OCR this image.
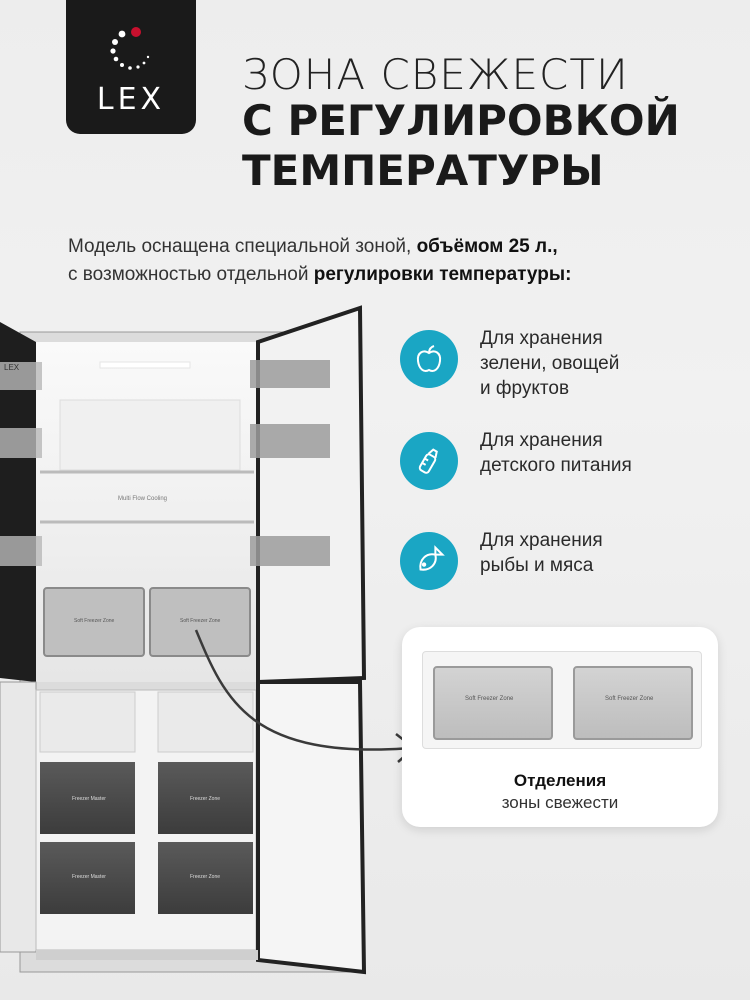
LEX
ЗОНА СВЕЖЕСТИ
С РЕГУЛИРОВКОЙ
ТЕМПЕРАТУРЫ
Модель оснащена специальной зоной, объёмом 25 л.,
с возможностью отдельной регулировки температуры:
Multi Flow Cooling
Soft Freezer Zone	Soft Freezer Zone
LEX
Freezer Master	Freezer Zone
Freezer Master	Freezer Zone
Для хранения
зелени, овощей
и фруктов
Для хранения
детского питания
Для хранения
рыбы и мяса
Soft Freezer Zone	Soft Freezer Zone
Отделения
зоны свежести
